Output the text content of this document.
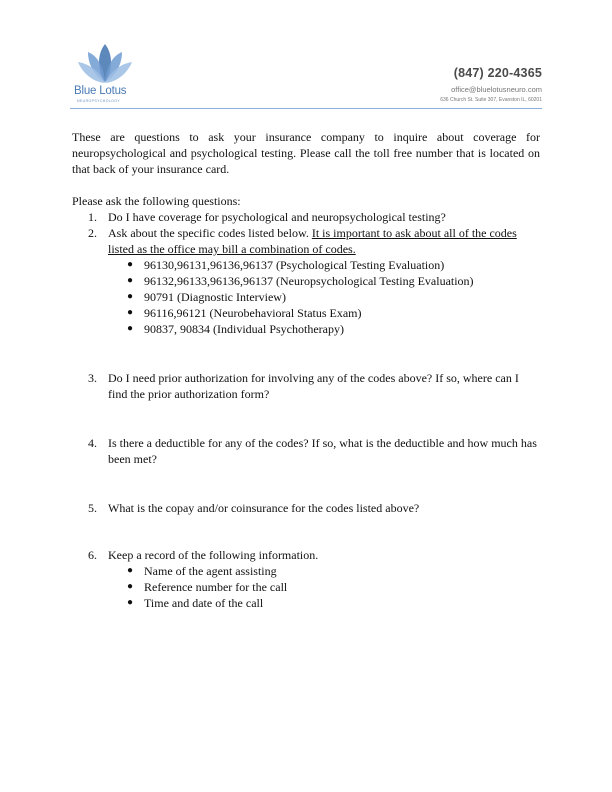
Blue Lotus
NEUROPSYCHOLOGY
(847) 220-4365
office@bluelotusneuro.com
636 Church St. Suite 307, Evanston IL, 60201

These are questions to ask your insurance company to inquire about coverage for neuropsychological and psychological testing. Please call the toll free number that is located on that back of your insurance card.

Please ask the following questions:
1. Do I have coverage for psychological and neuropsychological testing?
2. Ask about the specific codes listed below. It is important to ask about all of the codes listed as the office may bill a combination of codes.
● 96130,96131,96136,96137 (Psychological Testing Evaluation)
● 96132,96133,96136,96137 (Neuropsychological Testing Evaluation)
● 90791 (Diagnostic Interview)
● 96116,96121 (Neurobehavioral Status Exam)
● 90837, 90834 (Individual Psychotherapy)
3. Do I need prior authorization for involving any of the codes above? If so, where can I find the prior authorization form?
4. Is there a deductible for any of the codes? If so, what is the deductible and how much has been met?
5. What is the copay and/or coinsurance for the codes listed above?
6. Keep a record of the following information.
● Name of the agent assisting
● Reference number for the call
● Time and date of the call
